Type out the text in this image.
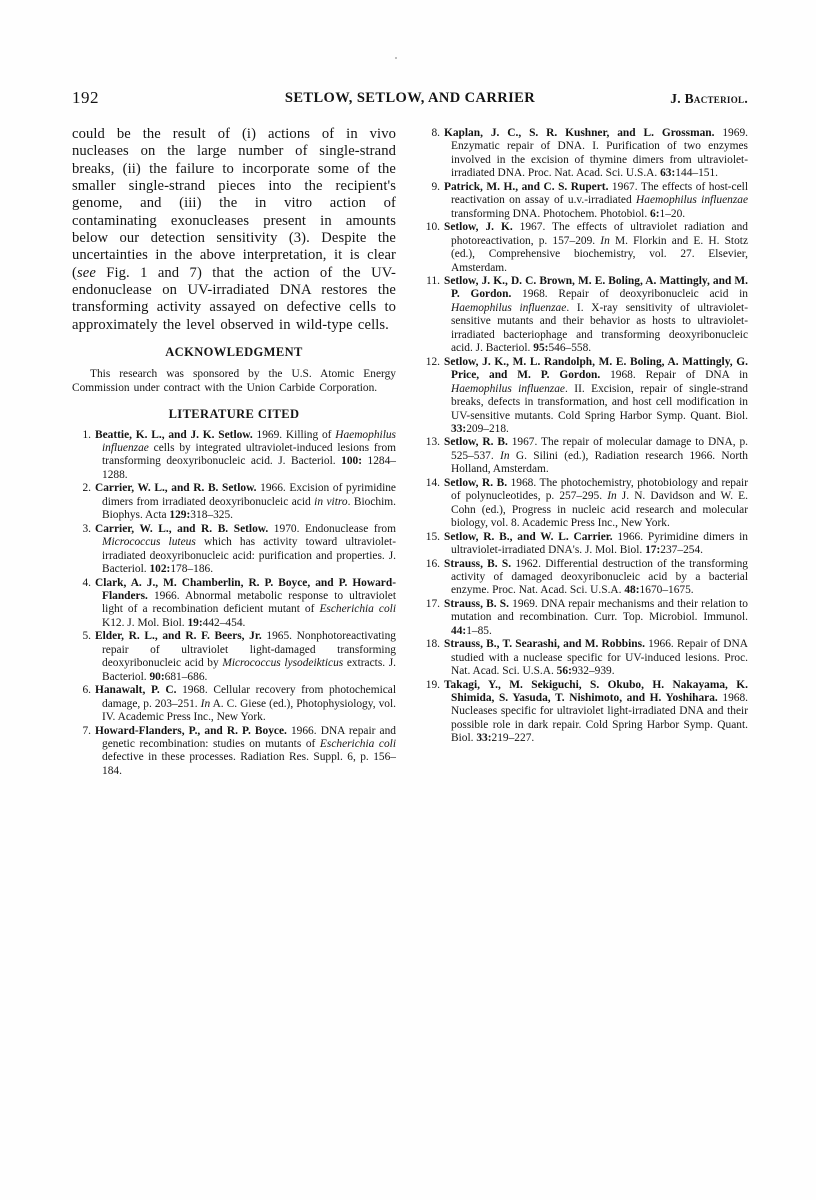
192	SETLOW, SETLOW, AND CARRIER	J. Bacteriol.
could be the result of (i) actions of in vivo nucleases on the large number of single-strand breaks, (ii) the failure to incorporate some of the smaller single-strand pieces into the recipient's genome, and (iii) the in vitro action of contaminating exonucleases present in amounts below our detection sensitivity (3). Despite the uncertainties in the above interpretation, it is clear (see Fig. 1 and 7) that the action of the UV-endonuclease on UV-irradiated DNA restores the transforming activity assayed on defective cells to approximately the level observed in wild-type cells.
ACKNOWLEDGMENT
This research was sponsored by the U.S. Atomic Energy Commission under contract with the Union Carbide Corporation.
LITERATURE CITED
1. Beattie, K. L., and J. K. Setlow. 1969. Killing of Haemophilus influenzae cells by integrated ultraviolet-induced lesions from transforming deoxyribonucleic acid. J. Bacteriol. 100: 1284–1288.
2. Carrier, W. L., and R. B. Setlow. 1966. Excision of pyrimidine dimers from irradiated deoxyribonucleic acid in vitro. Biochim. Biophys. Acta 129:318–325.
3. Carrier, W. L., and R. B. Setlow. 1970. Endonuclease from Micrococcus luteus which has activity toward ultraviolet-irradiated deoxyribonucleic acid: purification and properties. J. Bacteriol. 102:178–186.
4. Clark, A. J., M. Chamberlin, R. P. Boyce, and P. Howard-Flanders. 1966. Abnormal metabolic response to ultraviolet light of a recombination deficient mutant of Escherichia coli K12. J. Mol. Biol. 19:442–454.
5. Elder, R. L., and R. F. Beers, Jr. 1965. Nonphotoreactivating repair of ultraviolet light-damaged transforming deoxyribonucleic acid by Micrococcus lysodeikticus extracts. J. Bacteriol. 90:681–686.
6. Hanawalt, P. C. 1968. Cellular recovery from photochemical damage, p. 203–251. In A. C. Giese (ed.), Photophysiology, vol. IV. Academic Press Inc., New York.
7. Howard-Flanders, P., and R. P. Boyce. 1966. DNA repair and genetic recombination: studies on mutants of Escherichia coli defective in these processes. Radiation Res. Suppl. 6, p. 156–184.
8. Kaplan, J. C., S. R. Kushner, and L. Grossman. 1969. Enzymatic repair of DNA. I. Purification of two enzymes involved in the excision of thymine dimers from ultraviolet-irradiated DNA. Proc. Nat. Acad. Sci. U.S.A. 63:144–151.
9. Patrick, M. H., and C. S. Rupert. 1967. The effects of host-cell reactivation on assay of u.v.-irradiated Haemophilus influenzae transforming DNA. Photochem. Photobiol. 6:1–20.
10. Setlow, J. K. 1967. The effects of ultraviolet radiation and photoreactivation, p. 157–209. In M. Florkin and E. H. Stotz (ed.), Comprehensive biochemistry, vol. 27. Elsevier, Amsterdam.
11. Setlow, J. K., D. C. Brown, M. E. Boling, A. Mattingly, and M. P. Gordon. 1968. Repair of deoxyribonucleic acid in Haemophilus influenzae. I. X-ray sensitivity of ultraviolet-sensitive mutants and their behavior as hosts to ultraviolet-irradiated bacteriophage and transforming deoxyribonucleic acid. J. Bacteriol. 95:546–558.
12. Setlow, J. K., M. L. Randolph, M. E. Boling, A. Mattingly, G. Price, and M. P. Gordon. 1968. Repair of DNA in Haemophilus influenzae. II. Excision, repair of single-strand breaks, defects in transformation, and host cell modification in UV-sensitive mutants. Cold Spring Harbor Symp. Quant. Biol. 33:209–218.
13. Setlow, R. B. 1967. The repair of molecular damage to DNA, p. 525–537. In G. Silini (ed.), Radiation research 1966. North Holland, Amsterdam.
14. Setlow, R. B. 1968. The photochemistry, photobiology and repair of polynucleotides, p. 257–295. In J. N. Davidson and W. E. Cohn (ed.), Progress in nucleic acid research and molecular biology, vol. 8. Academic Press Inc., New York.
15. Setlow, R. B., and W. L. Carrier. 1966. Pyrimidine dimers in ultraviolet-irradiated DNA's. J. Mol. Biol. 17:237–254.
16. Strauss, B. S. 1962. Differential destruction of the transforming activity of damaged deoxyribonucleic acid by a bacterial enzyme. Proc. Nat. Acad. Sci. U.S.A. 48:1670–1675.
17. Strauss, B. S. 1969. DNA repair mechanisms and their relation to mutation and recombination. Curr. Top. Microbiol. Immunol. 44:1–85.
18. Strauss, B., T. Searashi, and M. Robbins. 1966. Repair of DNA studied with a nuclease specific for UV-induced lesions. Proc. Nat. Acad. Sci. U.S.A. 56:932–939.
19. Takagi, Y., M. Sekiguchi, S. Okubo, H. Nakayama, K. Shimida, S. Yasuda, T. Nishimoto, and H. Yoshihara. 1968. Nucleases specific for ultraviolet light-irradiated DNA and their possible role in dark repair. Cold Spring Harbor Symp. Quant. Biol. 33:219–227.
